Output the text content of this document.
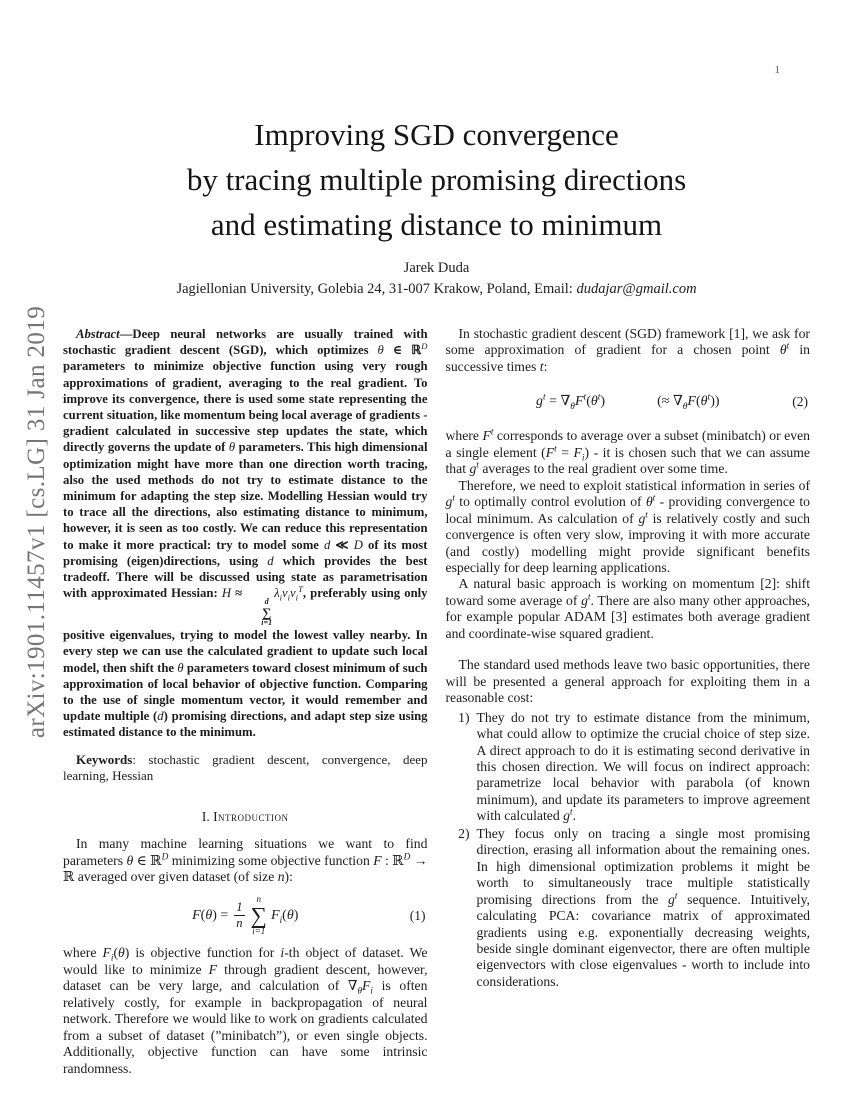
1
arXiv:1901.11457v1 [cs.LG] 31 Jan 2019
Improving SGD convergence
by tracing multiple promising directions
and estimating distance to minimum
Jarek Duda
Jagiellonian University, Golebia 24, 31-007 Krakow, Poland, Email: dudajar@gmail.com

Abstract—Deep neural networks are usually trained with stochastic gradient descent (SGD), which optimizes θ ∈ ℝ$^D$ parameters to minimize objective function using very rough approximations of gradient, averaging to the real gradient. To improve its convergence, there is used some state representing the current situation, like momentum being local average of gradients - gradient calculated in successive step updates the state, which directly governs the update of θ parameters. This high dimensional optimization might have more than one direction worth tracing, also the used methods do not try to estimate distance to the minimum for adapting the step size. Modelling Hessian would try to trace all the directions, also estimating distance to minimum, however, it is seen as too costly. We can reduce this representation to make it more practical: try to model some d ≪ D of its most promising (eigen)directions, using d which provides the best tradeoff. There will be discussed using state as parametrisation with approximated Hessian: H ≈
d
∑
i=1
$\lambda_iv_iv_i^T$, preferably using only positive eigenvalues, trying to model the lowest valley nearby. In every step we can use the calculated gradient to update such local model, then shift the θ parameters toward closest minimum of such approximation of local behavior of objective function. Comparing to the use of single momentum vector, it would remember and update multiple (d) promising directions, and adapt step size using estimated distance to the minimum.

Keywords: stochastic gradient descent, convergence, deep learning, Hessian

I. Introduction

In many machine learning situations we want to find parameters θ ∈ ℝ$^D$ minimizing some objective function F : ℝ$^D$ → ℝ averaged over given dataset (of size n):

$F(\theta) = \frac{1}{n}$
n
∑
i=1
$F_i(\theta)$	(1)

where $F_i(\theta)$ is objective function for i-th object of dataset. We would like to minimize F through gradient descent, however, dataset can be very large, and calculation of $\nabla_\theta F_i$ is often relatively costly, for example in backpropagation of neural network. Therefore we would like to work on gradients calculated from a subset of dataset (”minibatch”), or even single objects. Additionally, objective function can have some intrinsic randomness.

In stochastic gradient descent (SGD) framework [1], we ask for some approximation of gradient for a chosen point $\theta^t$ in successive times t:

$g^t = \nabla_\theta F^t(\theta^t)$	(≈ $\nabla_\theta F(\theta^t)$)	(2)

where $F^t$ corresponds to average over a subset (minibatch) or even a single element $(F^t = F_i)$ - it is chosen such that we can assume that $g^t$ averages to the real gradient over some time.

Therefore, we need to exploit statistical information in series of $g^t$ to optimally control evolution of $\theta^t$ - providing convergence to local minimum. As calculation of $g^t$ is relatively costly and such convergence is often very slow, improving it with more accurate (and costly) modelling might provide significant benefits especially for deep learning applications.

A natural basic approach is working on momentum [2]: shift toward some average of $g^t$. There are also many other approaches, for example popular ADAM [3] estimates both average gradient and coordinate-wise squared gradient.

The standard used methods leave two basic opportunities, there will be presented a general approach for exploiting them in a reasonable cost:

1) They do not try to estimate distance from the minimum, what could allow to optimize the crucial choice of step size. A direct approach to do it is estimating second derivative in this chosen direction. We will focus on indirect approach: parametrize local behavior with parabola (of known minimum), and update its parameters to improve agreement with calculated $g^t$.
2) They focus only on tracing a single most promising direction, erasing all information about the remaining ones. In high dimensional optimization problems it might be worth to simultaneously trace multiple statistically promising directions from the $g^t$ sequence. Intuitively, calculating PCA: covariance matrix of approximated gradients using e.g. exponentially decreasing weights, beside single dominant eigenvector, there are often multiple eigenvectors with close eigenvalues - worth to include into considerations.
